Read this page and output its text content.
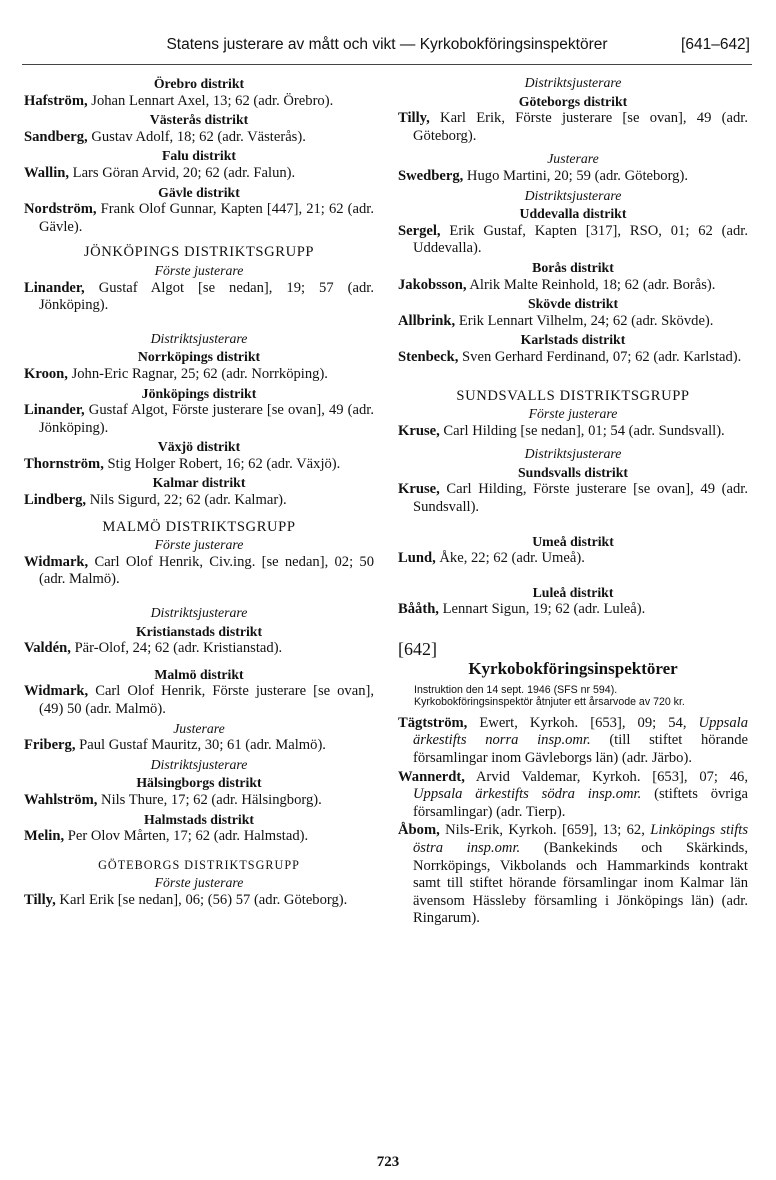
Statens justerare av mått och vikt — Kyrkobokföringsinspektörer	[641–642]

Örebro distrikt

Hafström, Johan Lennart Axel, 13; 62 (adr. Örebro).

Västerås distrikt

Sandberg, Gustav Adolf, 18; 62 (adr. Västerås).

Falu distrikt

Wallin, Lars Göran Arvid, 20; 62 (adr. Falun).

Gävle distrikt

Nordström, Frank Olof Gunnar, Kapten [447], 21; 62 (adr. Gävle).

JÖNKÖPINGS DISTRIKTSGRUPP

Förste justerare

Linander, Gustaf Algot [se nedan], 19; 57 (adr. Jönköping).

Distriktsjusterare

Norrköpings distrikt

Kroon, John-Eric Ragnar, 25; 62 (adr. Norrköping).

Jönköpings distrikt

Linander, Gustaf Algot, Förste justerare [se ovan], 49 (adr. Jönköping).

Växjö distrikt

Thornström, Stig Holger Robert, 16; 62 (adr. Växjö).

Kalmar distrikt

Lindberg, Nils Sigurd, 22; 62 (adr. Kalmar).

MALMÖ DISTRIKTSGRUPP

Förste justerare

Widmark, Carl Olof Henrik, Civ.ing. [se nedan], 02; 50 (adr. Malmö).

Distriktsjusterare

Kristianstads distrikt

Valdén, Pär-Olof, 24; 62 (adr. Kristianstad).

Malmö distrikt

Widmark, Carl Olof Henrik, Förste justerare [se ovan], (49) 50 (adr. Malmö).

Justerare

Friberg, Paul Gustaf Mauritz, 30; 61 (adr. Malmö).

Distriktsjusterare

Hälsingborgs distrikt

Wahlström, Nils Thure, 17; 62 (adr. Hälsingborg).

Halmstads distrikt

Melin, Per Olov Mårten, 17; 62 (adr. Halmstad).

GÖTEBORGS DISTRIKTSGRUPP

Förste justerare

Tilly, Karl Erik [se nedan], 06; (56) 57 (adr. Göteborg).

Distriktsjusterare

Göteborgs distrikt

Tilly, Karl Erik, Förste justerare [se ovan], 49 (adr. Göteborg).

Justerare

Swedberg, Hugo Martini, 20; 59 (adr. Göteborg).

Distriktsjusterare

Uddevalla distrikt

Sergel, Erik Gustaf, Kapten [317], RSO, 01; 62 (adr. Uddevalla).

Borås distrikt

Jakobsson, Alrik Malte Reinhold, 18; 62 (adr. Borås).

Skövde distrikt

Allbrink, Erik Lennart Vilhelm, 24; 62 (adr. Skövde).

Karlstads distrikt

Stenbeck, Sven Gerhard Ferdinand, 07; 62 (adr. Karlstad).

SUNDSVALLS DISTRIKTSGRUPP

Förste justerare

Kruse, Carl Hilding [se nedan], 01; 54 (adr. Sundsvall).

Distriktsjusterare

Sundsvalls distrikt

Kruse, Carl Hilding, Förste justerare [se ovan], 49 (adr. Sundsvall).

Umeå distrikt

Lund, Åke, 22; 62 (adr. Umeå).

Luleå distrikt

Bååth, Lennart Sigun, 19; 62 (adr. Luleå).

[642]

Kyrkobokföringsinspektörer

Instruktion den 14 sept. 1946 (SFS nr 594).
Kyrkobokföringsinspektör åtnjuter ett årsarvode av 720 kr.

Tägtström, Ewert, Kyrkoh. [653], 09; 54, Uppsala ärkestifts norra insp.omr. (till stiftet hörande församlingar inom Gävleborgs län) (adr. Järbo).

Wannerdt, Arvid Valdemar, Kyrkoh. [653], 07; 46, Uppsala ärkestifts södra insp.omr. (stiftets övriga församlingar) (adr. Tierp).

Åbom, Nils-Erik, Kyrkoh. [659], 13; 62, Linköpings stifts östra insp.omr. (Bankekinds och Skärkinds, Norrköpings, Vikbolands och Hammarkinds kontrakt samt till stiftet hörande församlingar inom Kalmar län ävensom Hässleby församling i Jönköpings län) (adr. Ringarum).

723
